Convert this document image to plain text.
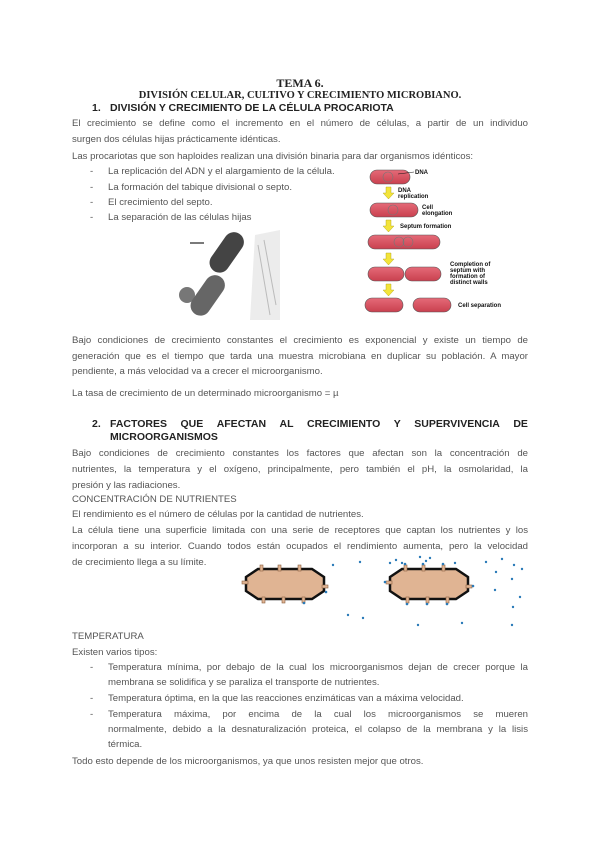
TEMA 6.
DIVISIÓN CELULAR, CULTIVO Y CRECIMIENTO MICROBIANO.
1. DIVISIÓN Y CRECIMIENTO DE LA CÉLULA PROCARIOTA
El crecimiento se define como el incremento en el número de células, a partir de un individuo
surgen dos células hijas prácticamente idénticas.
Las procariotas que son haploides realizan una división binaria para dar organismos idénticos:
- La replicación del ADN y el alargamiento de la célula.
- La formación del tabique divisional o septo.
- El crecimiento del septo.
- La separación de las células hijas
DNA
DNA
replication
Cell
elongation
Septum formation
Completion of
septum with
formation of
distinct walls
Cell separation
Bajo condiciones de crecimiento constantes el crecimiento es exponencial y existe un tiempo de
generación que es el tiempo que tarda una muestra microbiana en duplicar su población. A mayor
pendiente, a más velocidad va a crecer el microorganismo.
La tasa de crecimiento de un determinado microorganismo = µ
2. FACTORES QUE AFECTAN AL CRECIMIENTO Y SUPERVIVENCIA DE
MICROORGANISMOS
Bajo condiciones de crecimiento constantes los factores que afectan son la concentración de
nutrientes, la temperatura y el oxígeno, principalmente, pero también el pH, la osmolaridad, la
presión y las radiaciones.
CONCENTRACIÓN DE NUTRIENTES
El rendimiento es el número de células por la cantidad de nutrientes.
La célula tiene una superficie limitada con una serie de receptores que captan los nutrientes y los
incorporan a su interior. Cuando todos están ocupados el rendimiento aumenta, pero la velocidad
de crecimiento llega a su límite.
TEMPERATURA
Existen varios tipos:
- Temperatura mínima, por debajo de la cual los microorganismos dejan de crecer porque la
membrana se solidifica y se paraliza el transporte de nutrientes.
- Temperatura óptima, en la que las reacciones enzimáticas van a máxima velocidad.
- Temperatura máxima, por encima de la cual los microorganismos se mueren
normalmente, debido a la desnaturalización proteica, el colapso de la membrana y la lisis
térmica.
Todo esto depende de los microorganismos, ya que unos resisten mejor que otros.
